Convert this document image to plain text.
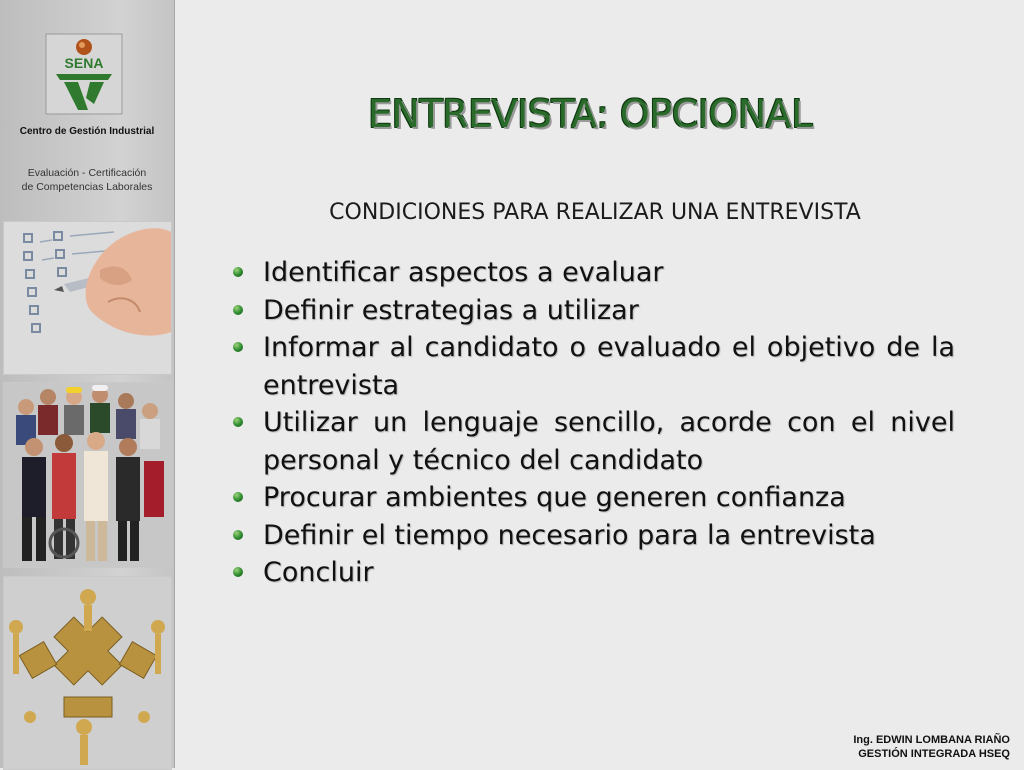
SENA
Centro de Gestión Industrial
Evaluación - Certificación
de Competencias Laborales
ENTREVISTA: OPCIONAL
CONDICIONES PARA REALIZAR UNA ENTREVISTA
Identificar aspectos a evaluar
Definir estrategias a utilizar
Informar al candidato o evaluado el objetivo de la entrevista
Utilizar un lenguaje sencillo, acorde con el nivel personal y técnico del candidato
Procurar ambientes que generen confianza
Definir el tiempo necesario para la entrevista
Concluir
Ing. EDWIN LOMBANA RIAÑO
GESTIÓN INTEGRADA HSEQ
